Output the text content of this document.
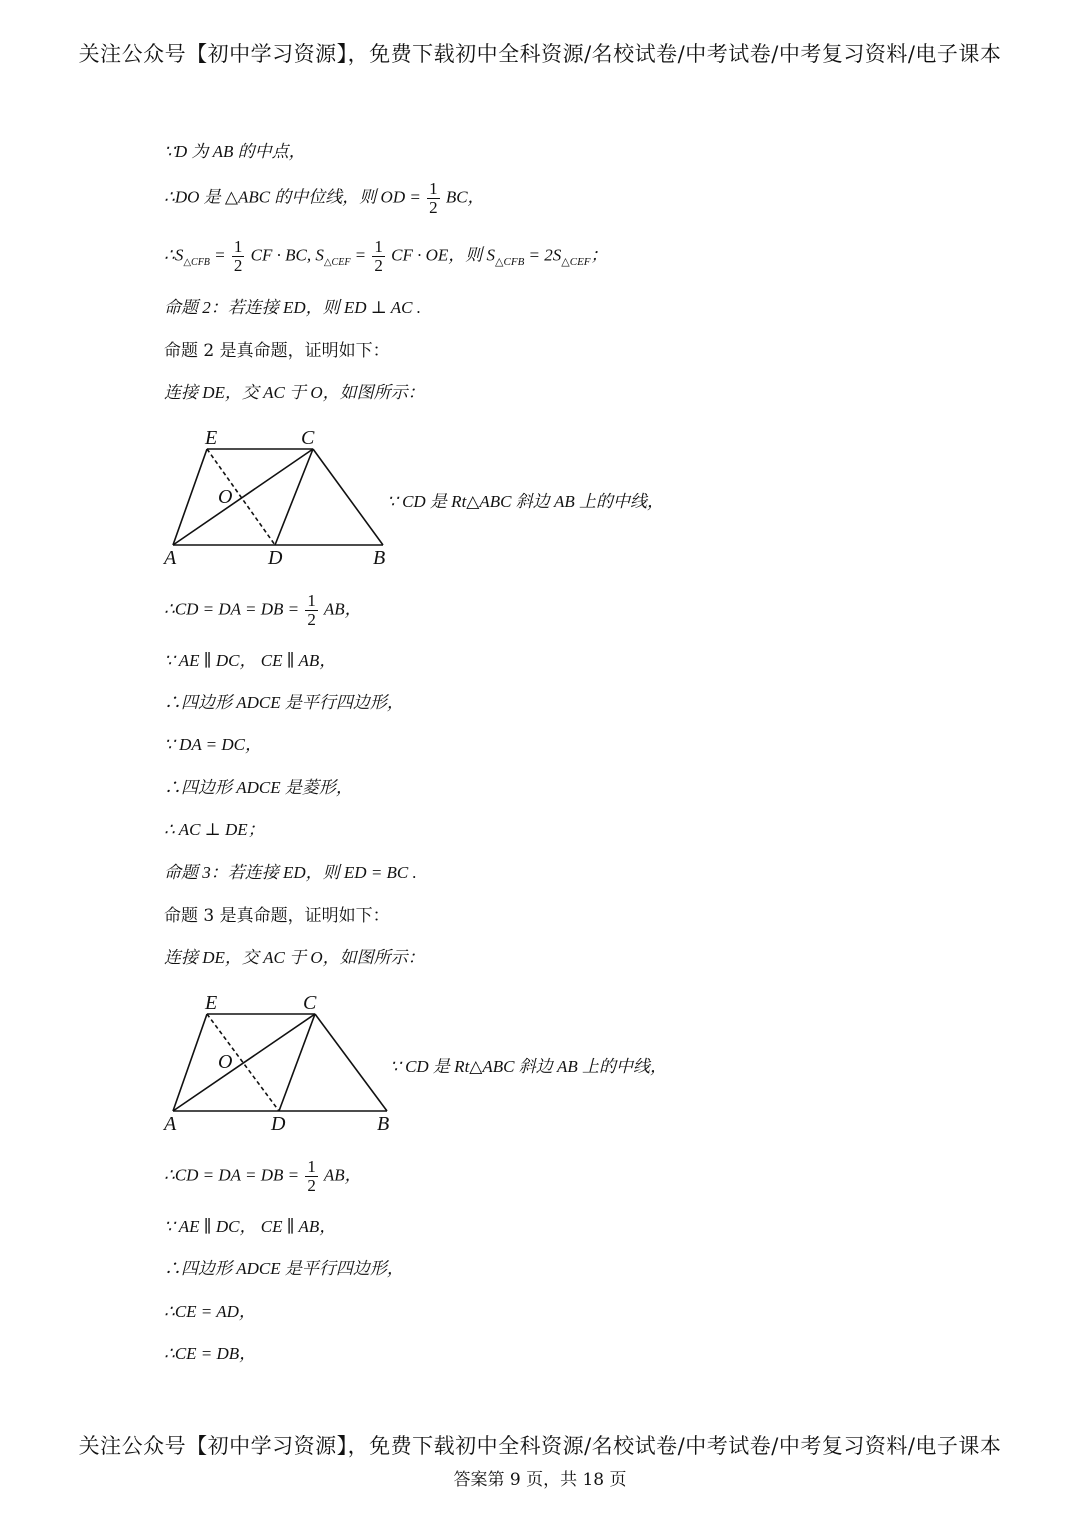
关注公众号【初中学习资源】，免费下载初中全科资源/名校试卷/中考试卷/中考复习资料/电子课本
∵D 为 AB 的中点，
∴DO 是 △ABC 的中位线，则 OD = $\frac{1}{2}$ BC，
$\therefore S_{\triangle CFB} = \frac{1}{2}$ CF · BC, $S_{\triangle CEF} = \frac{1}{2}$ CF · OE，则 $S_{\triangle CFB} = 2S_{\triangle CEF}$；
命题 2：若连接 ED，则 ED ⊥ AC .
命题 2 是真命题，证明如下：
连接 DE，交 AC 于 O，如图所示：
E	C
O
A	D	B
∵ CD 是 Rt△ABC 斜边 AB 上的中线，
∴CD = DA = DB = $\frac{1}{2}$ AB，
∵ AE ∥ DC， CE ∥ AB，
∴四边形 ADCE 是平行四边形，
∵ DA = DC，
∴四边形 ADCE 是菱形，
∴ AC ⊥ DE；
命题 3：若连接 ED，则 ED = BC .
命题 3 是真命题，证明如下：
连接 DE，交 AC 于 O，如图所示：
E	C
O
A	D	B
∵ CD 是 Rt△ABC 斜边 AB 上的中线，
∴CD = DA = DB = $\frac{1}{2}$ AB，
∵ AE ∥ DC， CE ∥ AB，
∴四边形 ADCE 是平行四边形，
∴CE = AD，
∴CE = DB，
关注公众号【初中学习资源】，免费下载初中全科资源/名校试卷/中考试卷/中考复习资料/电子课本
答案第 9 页，共 18 页
